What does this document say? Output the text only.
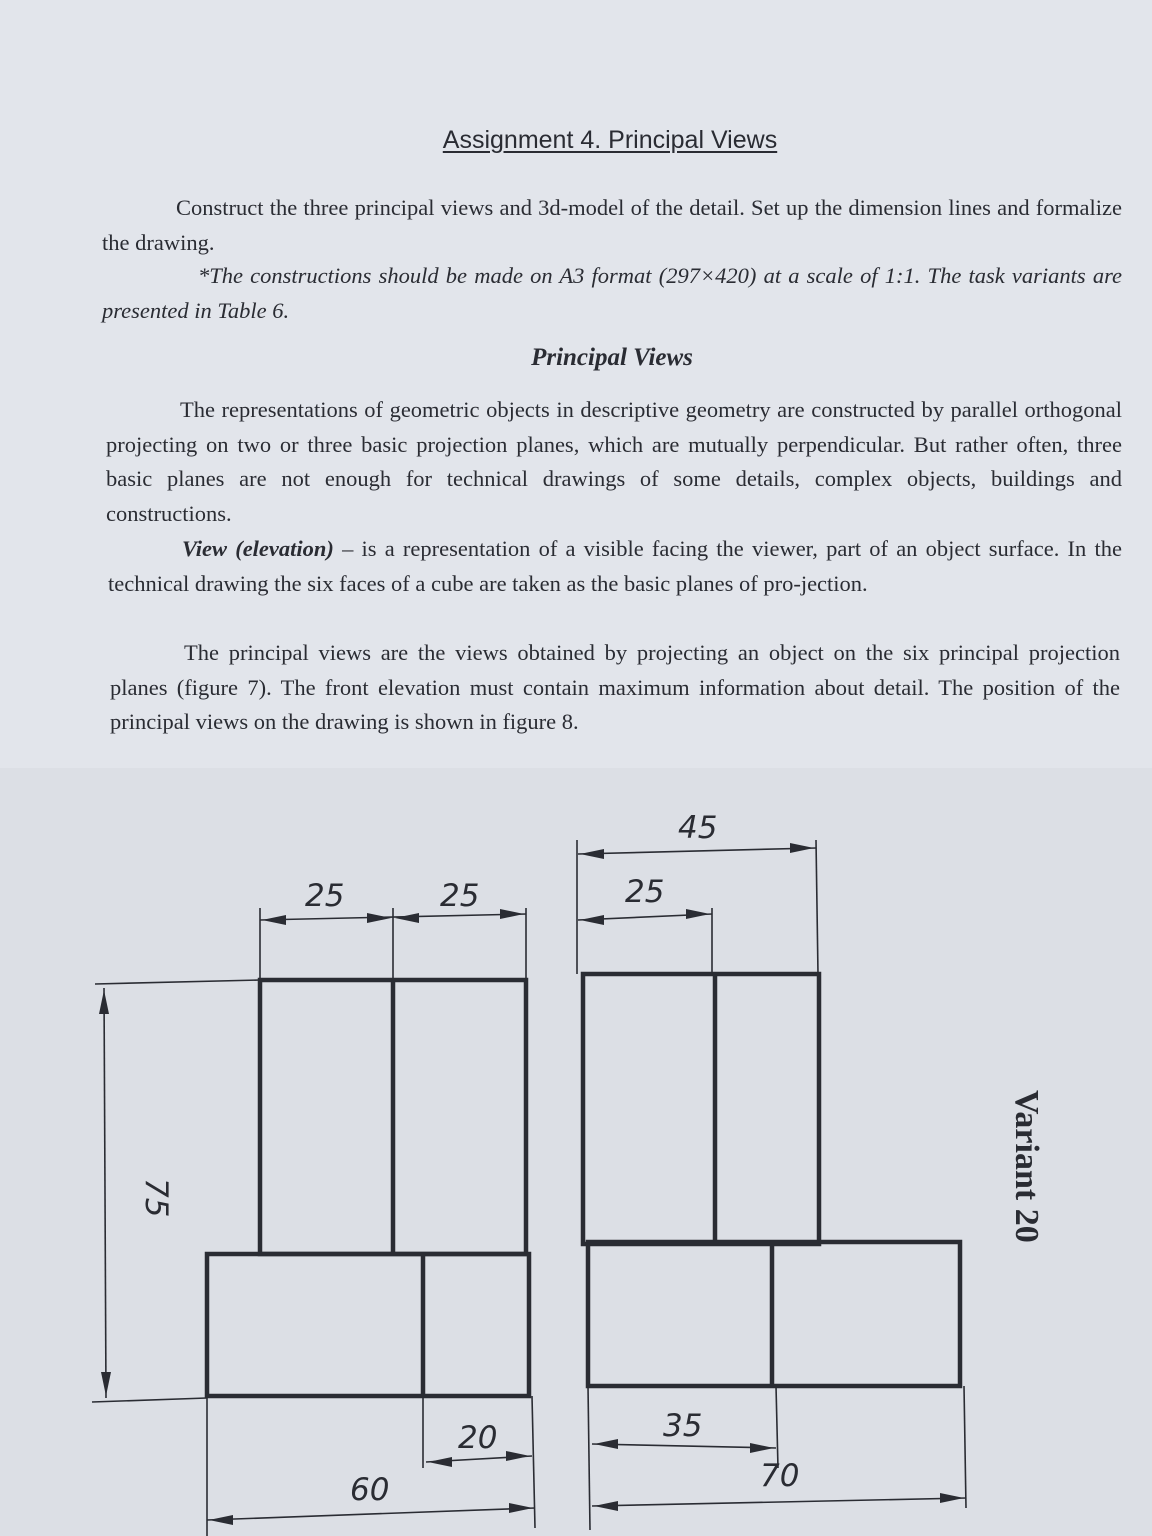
Assignment 4. Principal Views

Construct the three principal views and 3d-model of the detail. Set up the dimension lines and formalize the drawing.

*The constructions should be made on A3 format (297×420) at a scale of 1:1. The task variants are presented in Table 6.

Principal Views

The representations of geometric objects in descriptive geometry are constructed by parallel orthogonal projecting on two or three basic projection planes, which are mutually perpendicular. But rather often, three basic planes are not enough for technical drawings of some details, complex objects, buildings and constructions.

View (elevation) – is a representation of a visible facing the viewer, part of an object surface. In the technical drawing the six faces of a cube are taken as the basic planes of pro-jection.

The principal views are the views obtained by projecting an object on the six principal projection planes (figure 7). The front elevation must contain maximum information about detail. The position of the principal views on the drawing is shown in figure 8.

25	25
75
20
60
45
25
35
70
Variant 20
